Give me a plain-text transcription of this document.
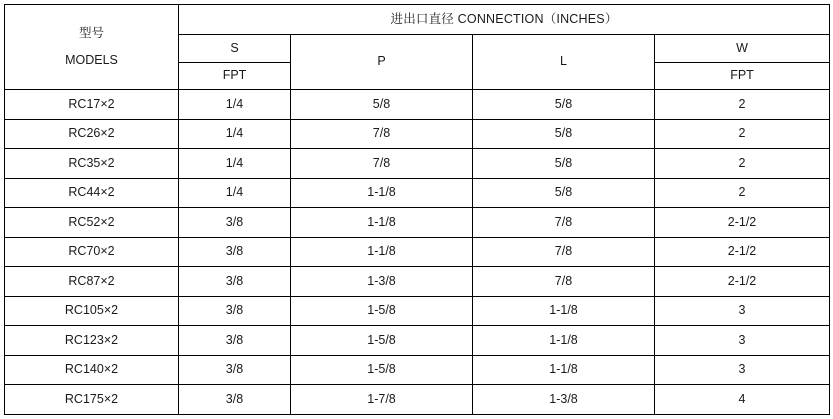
型号
MODELS	进出口直径 CONNECTION（INCHES）			
	S	P	L	W
	FPT			FPT
RC17×2	1/4	5/8	5/8	2
RC26×2	1/4	7/8	5/8	2
RC35×2	1/4	7/8	5/8	2
RC44×2	1/4	1-1/8	5/8	2
RC52×2	3/8	1-1/8	7/8	2-1/2
RC70×2	3/8	1-1/8	7/8	2-1/2
RC87×2	3/8	1-3/8	7/8	2-1/2
RC105×2	3/8	1-5/8	1-1/8	3
RC123×2	3/8	1-5/8	1-1/8	3
RC140×2	3/8	1-5/8	1-1/8	3
RC175×2	3/8	1-7/8	1-3/8	4
